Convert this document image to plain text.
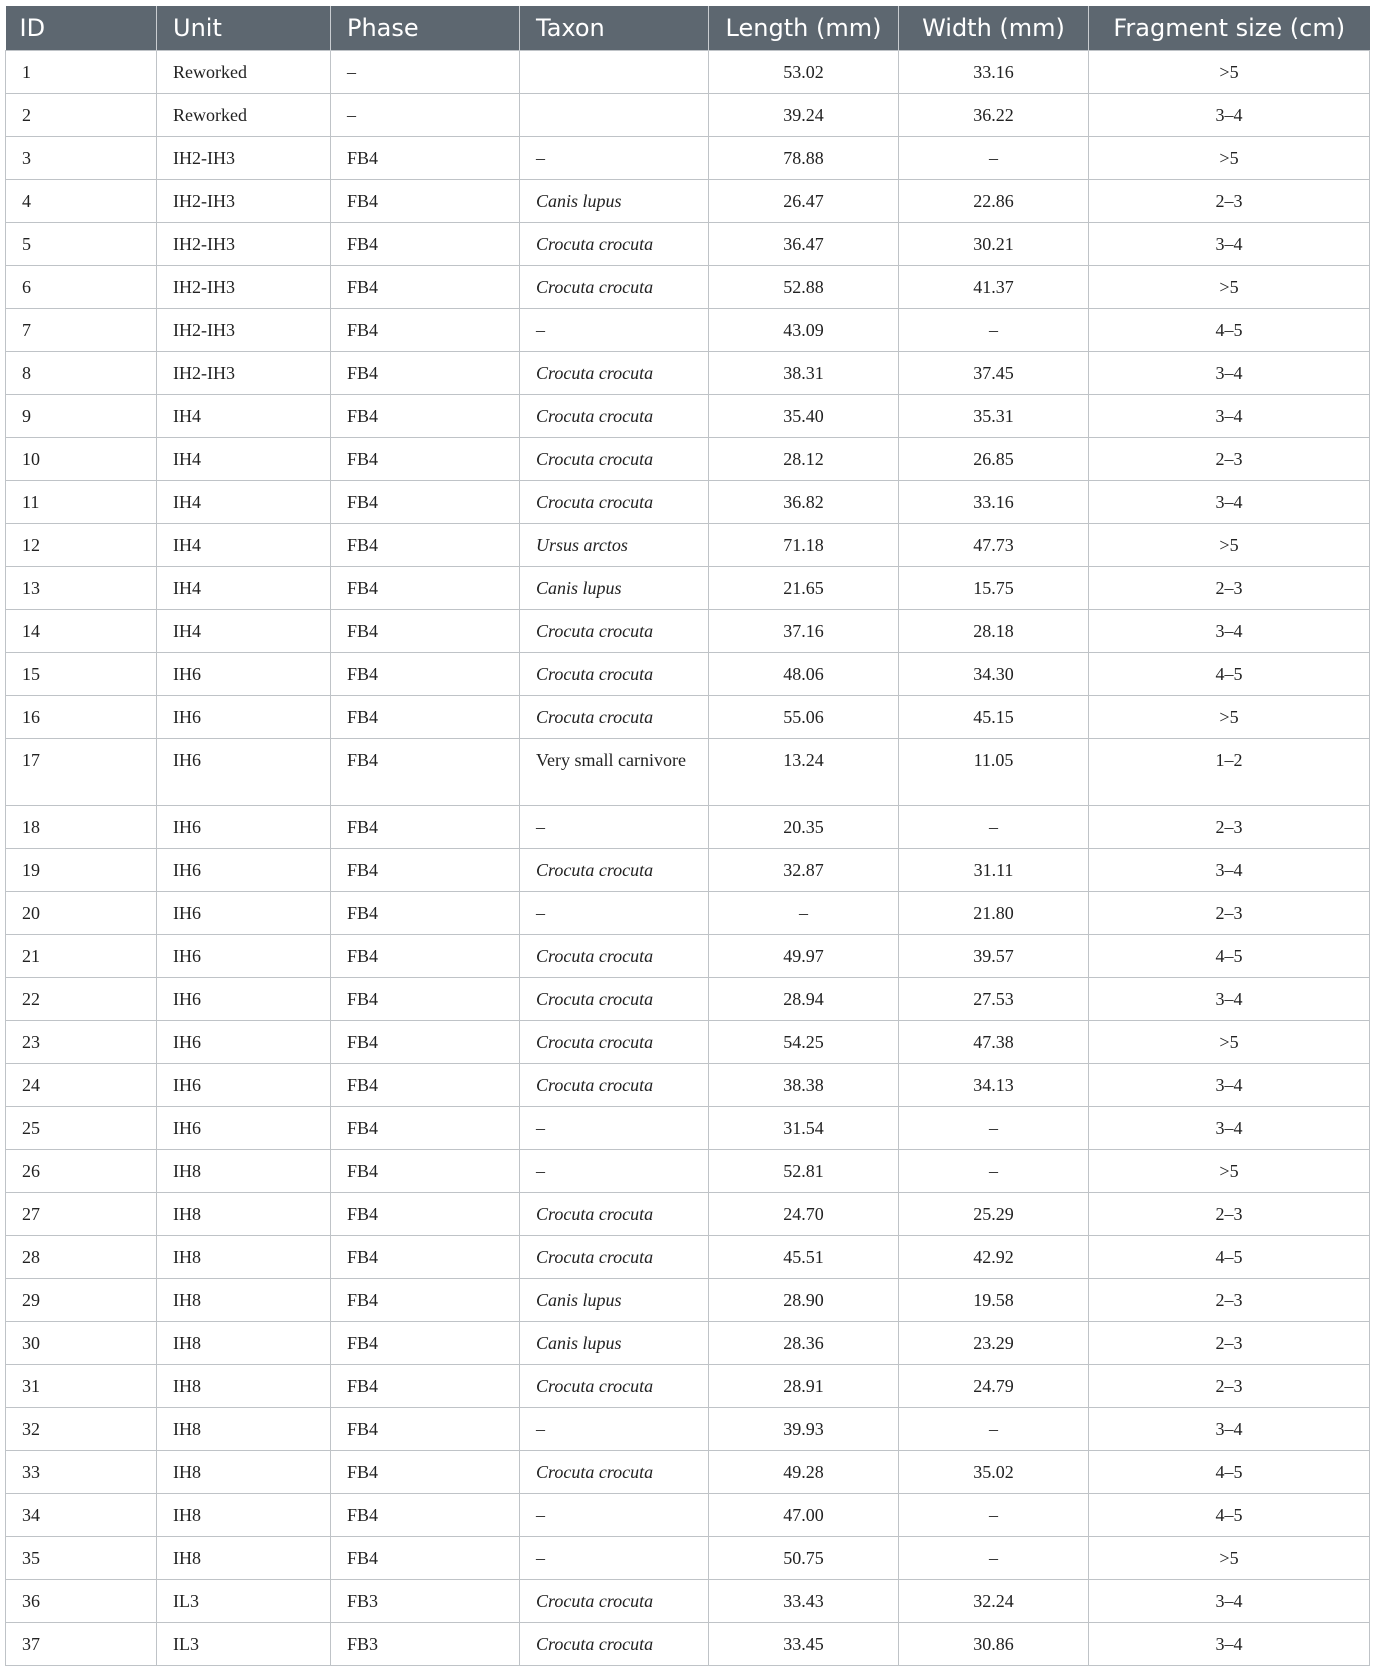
ID	Unit	Phase	Taxon	Length (mm)	Width (mm)	Fragment size (cm)
1	Reworked	–		53.02	33.16	>5
2	Reworked	–		39.24	36.22	3–4
3	IH2-IH3	FB4	–	78.88	–	>5
4	IH2-IH3	FB4	Canis lupus	26.47	22.86	2–3
5	IH2-IH3	FB4	Crocuta crocuta	36.47	30.21	3–4
6	IH2-IH3	FB4	Crocuta crocuta	52.88	41.37	>5
7	IH2-IH3	FB4	–	43.09	–	4–5
8	IH2-IH3	FB4	Crocuta crocuta	38.31	37.45	3–4
9	IH4	FB4	Crocuta crocuta	35.40	35.31	3–4
10	IH4	FB4	Crocuta crocuta	28.12	26.85	2–3
11	IH4	FB4	Crocuta crocuta	36.82	33.16	3–4
12	IH4	FB4	Ursus arctos	71.18	47.73	>5
13	IH4	FB4	Canis lupus	21.65	15.75	2–3
14	IH4	FB4	Crocuta crocuta	37.16	28.18	3–4
15	IH6	FB4	Crocuta crocuta	48.06	34.30	4–5
16	IH6	FB4	Crocuta crocuta	55.06	45.15	>5
17	IH6	FB4	Very small carnivore	13.24	11.05	1–2
18	IH6	FB4	–	20.35	–	2–3
19	IH6	FB4	Crocuta crocuta	32.87	31.11	3–4
20	IH6	FB4	–	–	21.80	2–3
21	IH6	FB4	Crocuta crocuta	49.97	39.57	4–5
22	IH6	FB4	Crocuta crocuta	28.94	27.53	3–4
23	IH6	FB4	Crocuta crocuta	54.25	47.38	>5
24	IH6	FB4	Crocuta crocuta	38.38	34.13	3–4
25	IH6	FB4	–	31.54	–	3–4
26	IH8	FB4	–	52.81	–	>5
27	IH8	FB4	Crocuta crocuta	24.70	25.29	2–3
28	IH8	FB4	Crocuta crocuta	45.51	42.92	4–5
29	IH8	FB4	Canis lupus	28.90	19.58	2–3
30	IH8	FB4	Canis lupus	28.36	23.29	2–3
31	IH8	FB4	Crocuta crocuta	28.91	24.79	2–3
32	IH8	FB4	–	39.93	–	3–4
33	IH8	FB4	Crocuta crocuta	49.28	35.02	4–5
34	IH8	FB4	–	47.00	–	4–5
35	IH8	FB4	–	50.75	–	>5
36	IL3	FB3	Crocuta crocuta	33.43	32.24	3–4
37	IL3	FB3	Crocuta crocuta	33.45	30.86	3–4
